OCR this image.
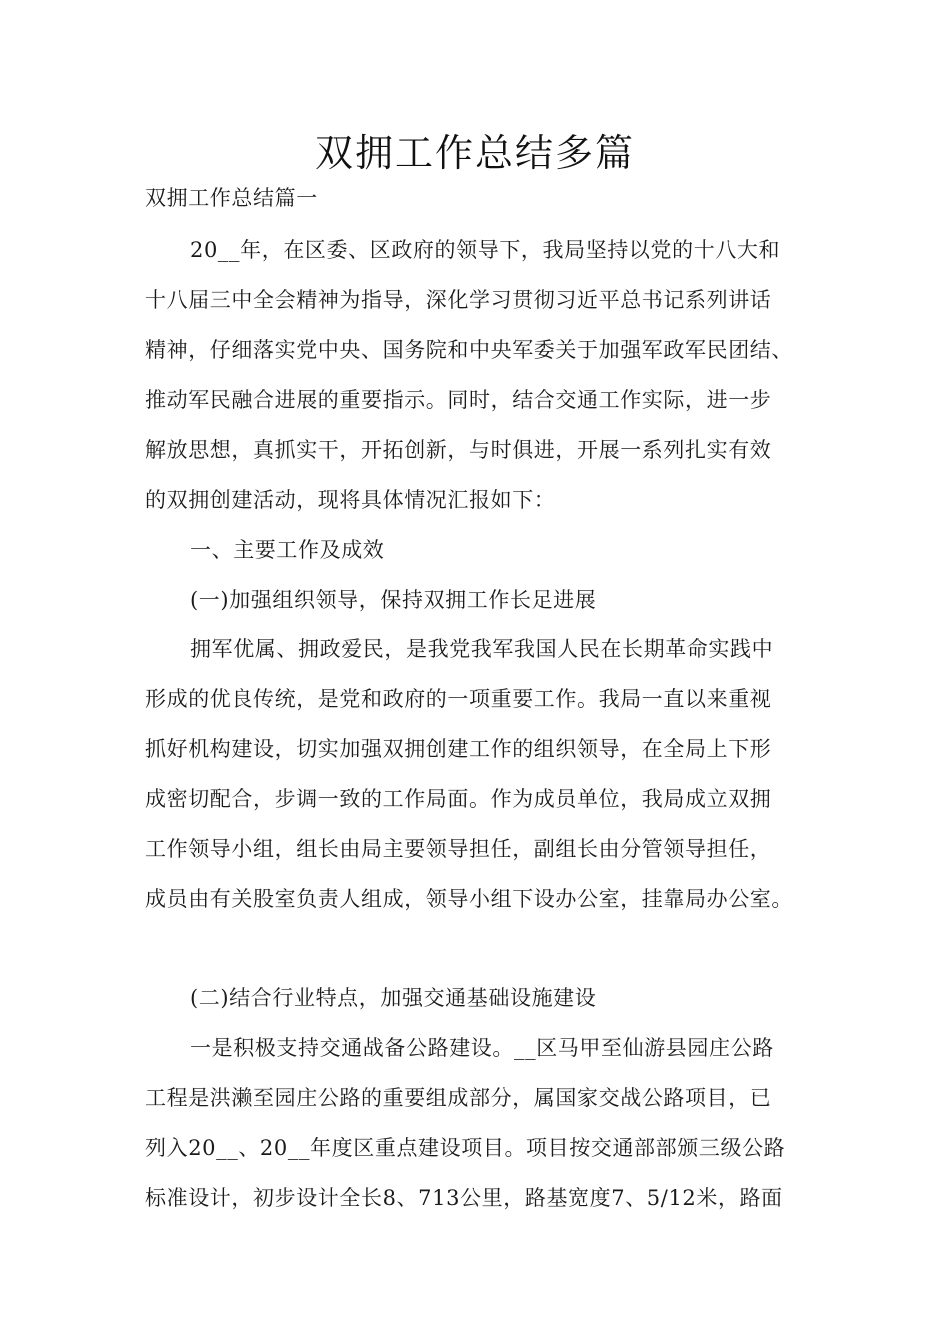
双拥工作总结多篇
双拥工作总结篇一
20__年，在区委、区政府的领导下，我局坚持以党的十八大和
十八届三中全会精神为指导，深化学习贯彻习近平总书记系列讲话
精神，仔细落实党中央、国务院和中央军委关于加强军政军民团结、
推动军民融合进展的重要指示。同时，结合交通工作实际，进一步
解放思想，真抓实干，开拓创新，与时俱进，开展一系列扎实有效
的双拥创建活动，现将具体情况汇报如下：
一、主要工作及成效
(一)加强组织领导，保持双拥工作长足进展
拥军优属、拥政爱民，是我党我军我国人民在长期革命实践中
形成的优良传统，是党和政府的一项重要工作。我局一直以来重视
抓好机构建设，切实加强双拥创建工作的组织领导，在全局上下形
成密切配合，步调一致的工作局面。作为成员单位，我局成立双拥
工作领导小组，组长由局主要领导担任，副组长由分管领导担任，
成员由有关股室负责人组成，领导小组下设办公室，挂靠局办公室。
(二)结合行业特点，加强交通基础设施建设
一是积极支持交通战备公路建设。__区马甲至仙游县园庄公路
工程是洪濑至园庄公路的重要组成部分，属国家交战公路项目，已
列入20__、20__年度区重点建设项目。项目按交通部部颁三级公路
标准设计，初步设计全长8、713公里，路基宽度7、5/12米，路面
